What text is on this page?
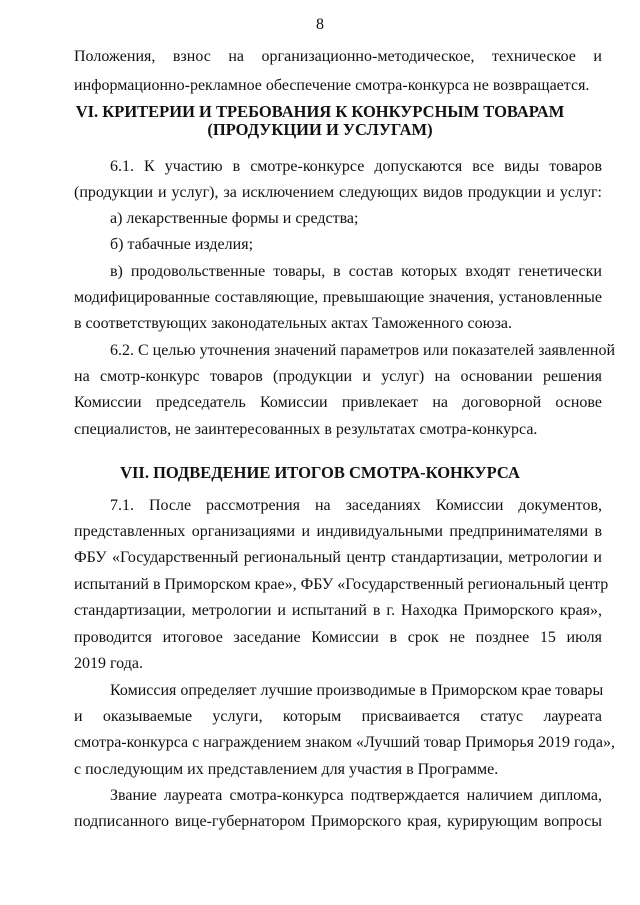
8
Положения, взнос на организационно-методическое, техническое и
информационно-рекламное обеспечение смотра-конкурса не возвращается.
VI. КРИТЕРИИ И ТРЕБОВАНИЯ К КОНКУРСНЫМ ТОВАРАМ
(ПРОДУКЦИИ И УСЛУГАМ)
6.1. К участию в смотре-конкурсе допускаются все виды товаров
(продукции и услуг), за исключением следующих видов продукции и услуг:
а) лекарственные формы и средства;
б) табачные изделия;
в) продовольственные товары, в состав которых входят генетически
модифицированные составляющие, превышающие значения, установленные
в соответствующих законодательных актах Таможенного союза.
6.2. С целью уточнения значений параметров или показателей заявленной
на смотр-конкурс товаров (продукции и услуг) на основании решения
Комиссии председатель Комиссии привлекает на договорной основе
специалистов, не заинтересованных в результатах смотра-конкурса.
VII. ПОДВЕДЕНИЕ ИТОГОВ СМОТРА-КОНКУРСА
7.1. После рассмотрения на заседаниях Комиссии документов,
представленных организациями и индивидуальными предпринимателями в
ФБУ «Государственный региональный центр стандартизации, метрологии и
испытаний в Приморском крае», ФБУ «Государственный региональный центр
стандартизации, метрологии и испытаний в г. Находка Приморского края»,
проводится итоговое заседание Комиссии в срок не позднее 15 июля
2019 года.
Комиссия определяет лучшие производимые в Приморском крае товары
и оказываемые услуги, которым присваивается статус лауреата
смотра-конкурса с награждением знаком «Лучший товар Приморья 2019 года»,
с последующим их представлением для участия в Программе.
Звание лауреата смотра-конкурса подтверждается наличием диплома,
подписанного вице-губернатором Приморского края, курирующим вопросы
